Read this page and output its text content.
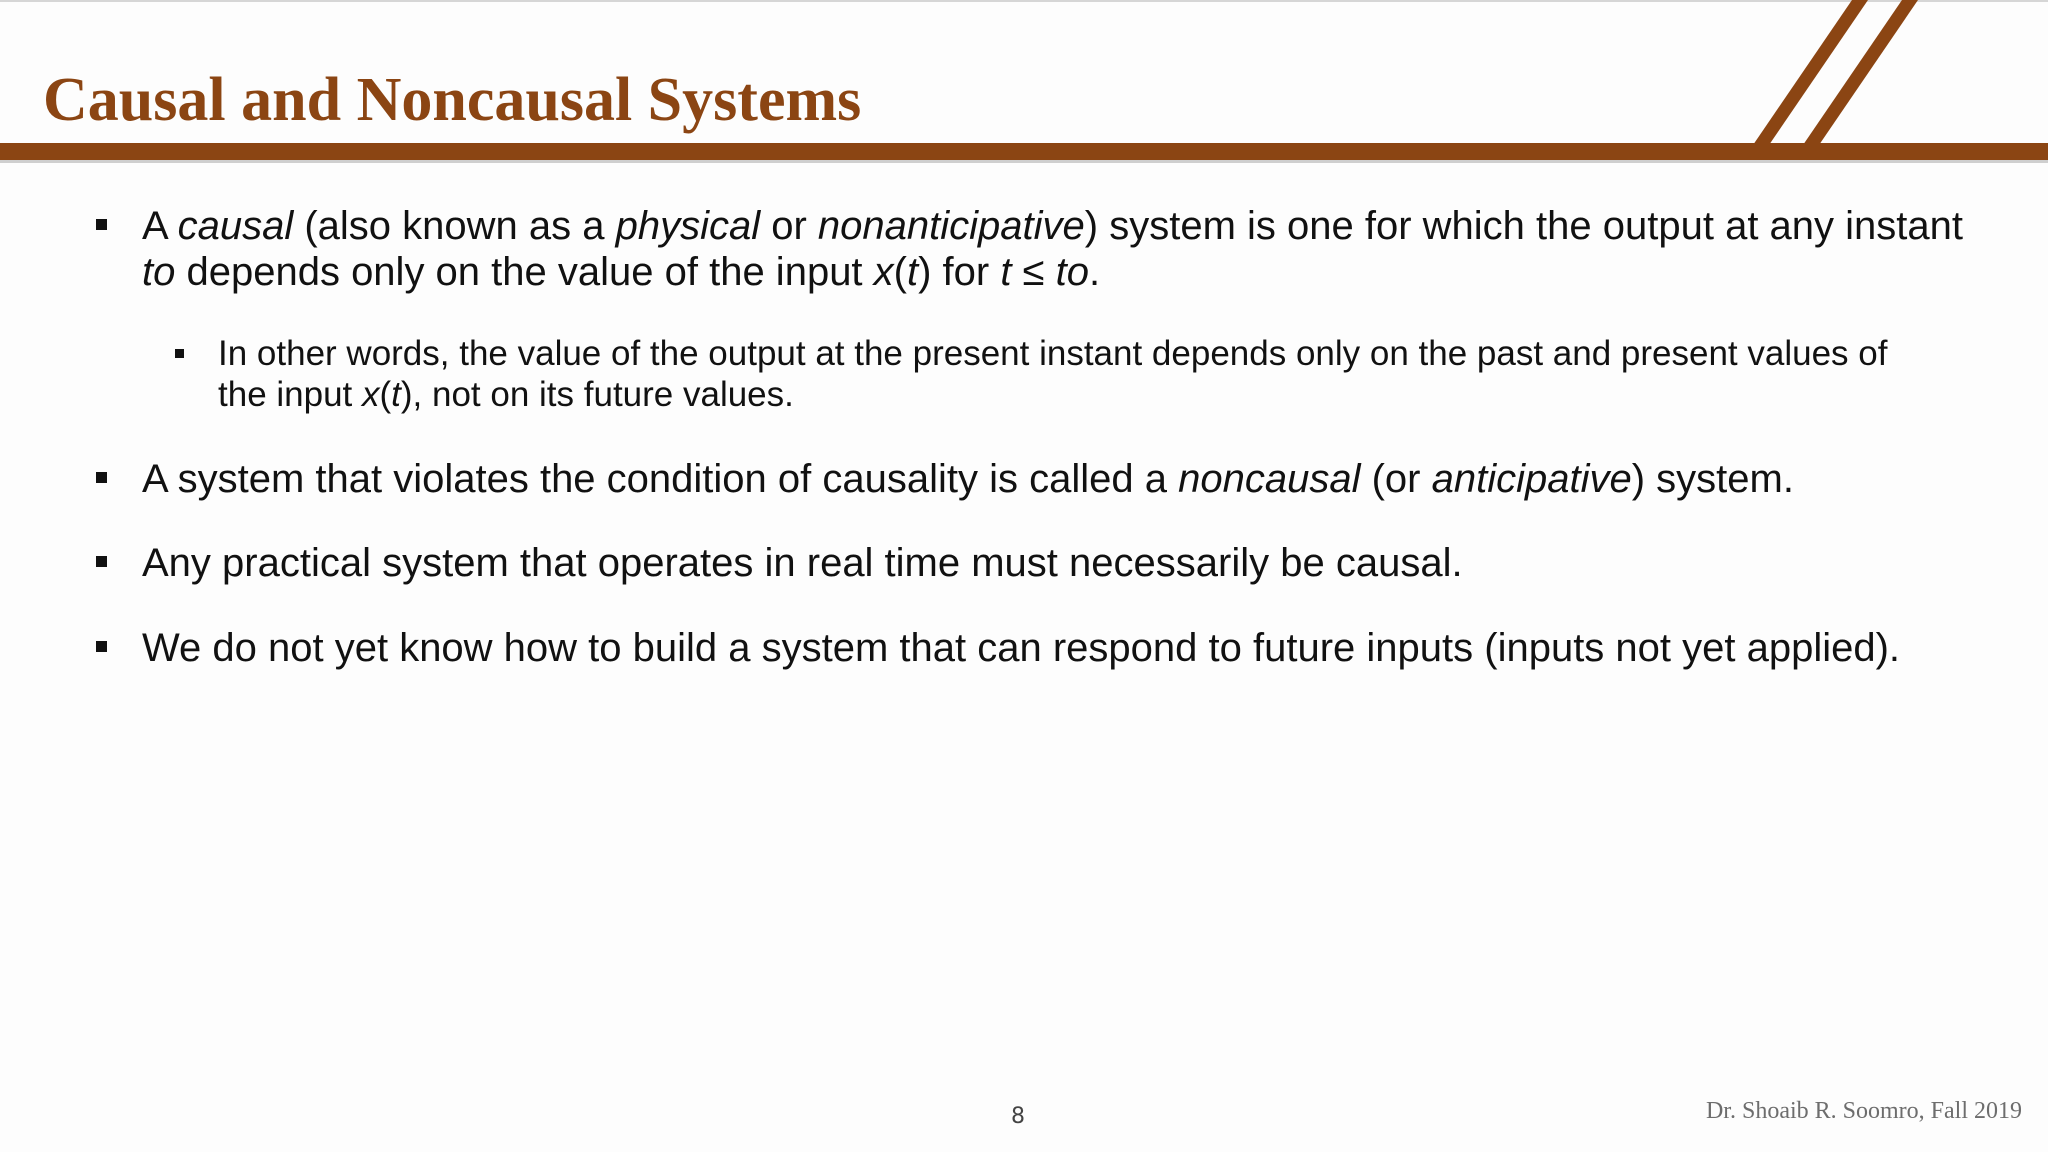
Causal and Noncausal Systems

A causal (also known as a physical or nonanticipative) system is one for which the output at any instant to depends only on the value of the input x(t) for t ≤ to.

In other words, the value of the output at the present instant depends only on the past and present values of the input x(t), not on its future values.

A system that violates the condition of causality is called a noncausal (or anticipative) system.

Any practical system that operates in real time must necessarily be causal.

We do not yet know how to build a system that can respond to future inputs (inputs not yet applied).

8	Dr. Shoaib R. Soomro, Fall 2019
